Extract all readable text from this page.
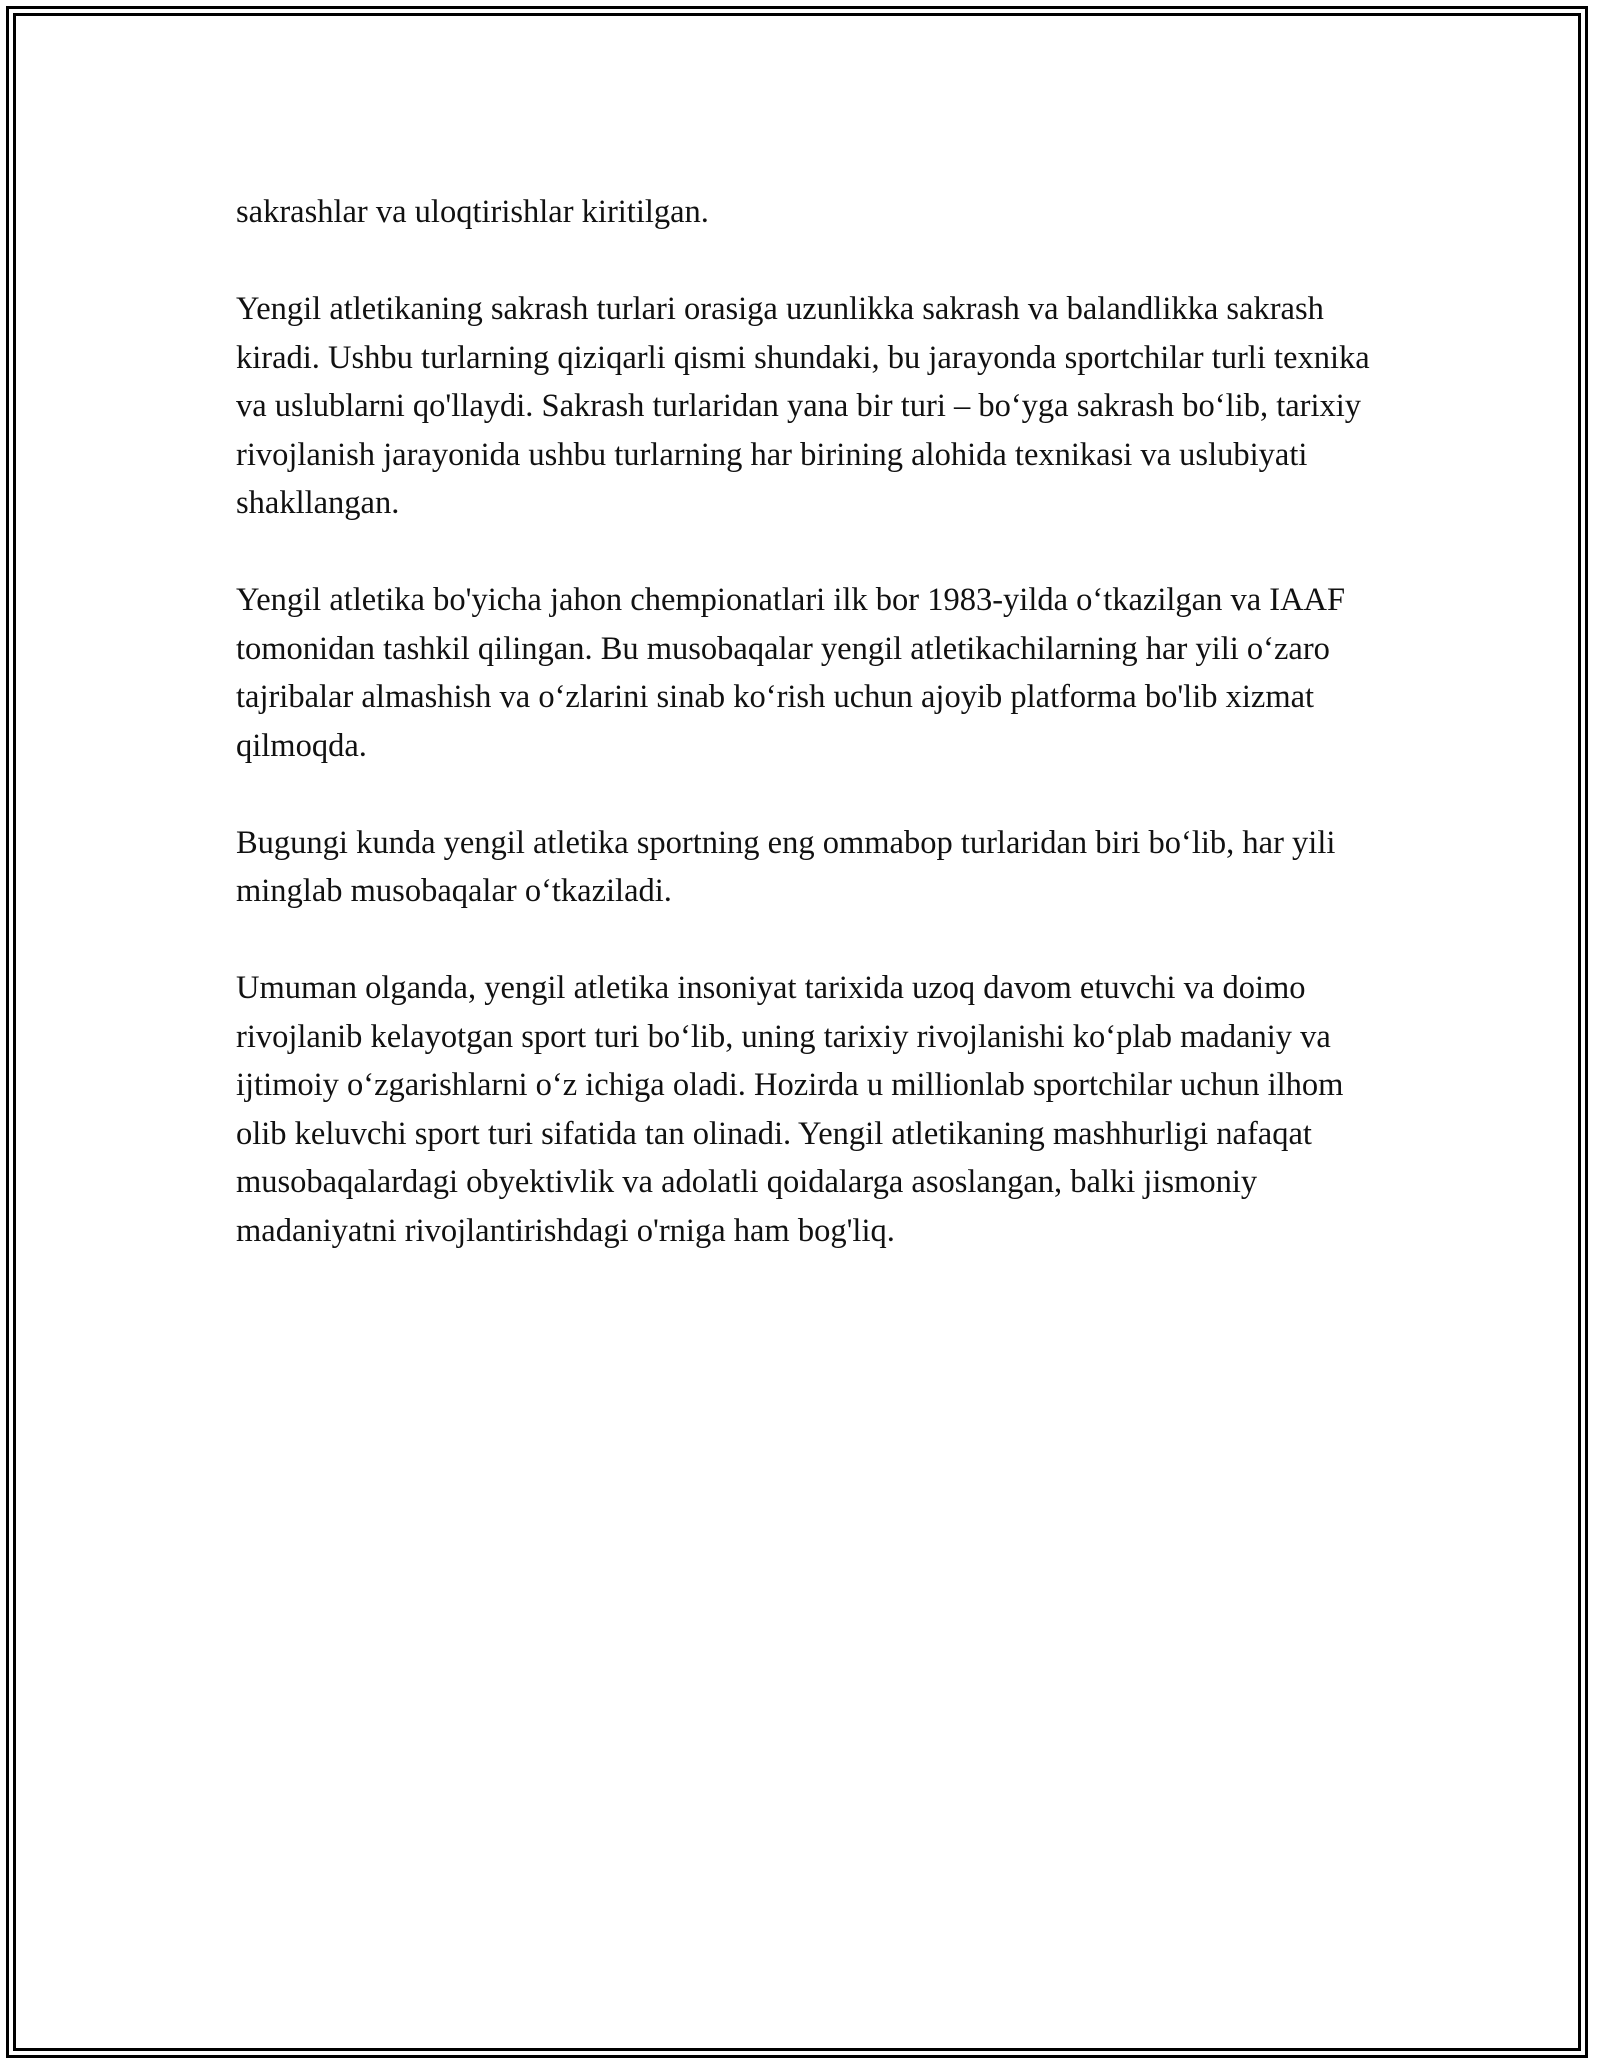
sakrashlar va uloqtirishlar kiritilgan.

Yengil atletikaning sakrash turlari orasiga uzunlikka sakrash va balandlikka sakrash kiradi. Ushbu turlarning qiziqarli qismi shundaki, bu jarayonda sportchilar turli texnika va uslublarni qo'llaydi. Sakrash turlaridan yana bir turi – bo‘yga sakrash bo‘lib, tarixiy rivojlanish jarayonida ushbu turlarning har birining alohida texnikasi va uslubiyati shakllangan.

Yengil atletika bo'yicha jahon chempionatlari ilk bor 1983-yilda o‘tkazilgan va IAAF tomonidan tashkil qilingan. Bu musobaqalar yengil atletikachilarning har yili o‘zaro tajribalar almashish va o‘zlarini sinab ko‘rish uchun ajoyib platforma bo'lib xizmat qilmoqda.

Bugungi kunda yengil atletika sportning eng ommabop turlaridan biri bo‘lib, har yili minglab musobaqalar o‘tkaziladi.

Umuman olganda, yengil atletika insoniyat tarixida uzoq davom etuvchi va doimo rivojlanib kelayotgan sport turi bo‘lib, uning tarixiy rivojlanishi ko‘plab madaniy va ijtimoiy o‘zgarishlarni o‘z ichiga oladi. Hozirda u millionlab sportchilar uchun ilhom olib keluvchi sport turi sifatida tan olinadi. Yengil atletikaning mashhurligi nafaqat musobaqalardagi obyektivlik va adolatli qoidalarga asoslangan, balki jismoniy madaniyatni rivojlantirishdagi o'rniga ham bog'liq.
